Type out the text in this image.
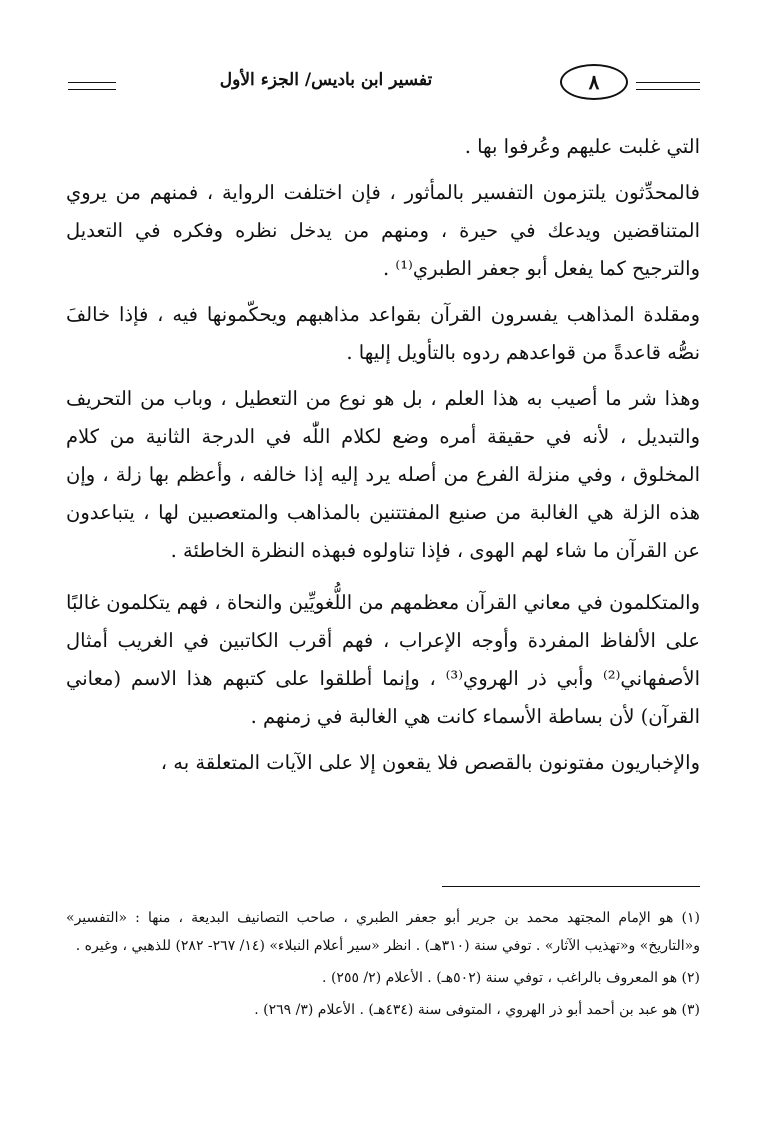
٨
تفسير ابن باديس/ الجزء الأول

التي غلبت عليهم وعُرفوا بها .

فالمحدِّثون يلتزمون التفسير بالمأثور ، فإن اختلفت الرواية ، فمنهم من يروي المتناقضين ويدعك في حيرة ، ومنهم من يدخل نظره وفكره في التعديل والترجيح كما يفعل أبو جعفر الطبري⁽¹⁾ .

ومقلدة المذاهب يفسرون القرآن بقواعد مذاهبهم ويحكّمونها فيه ، فإذا خالفَ نصُّه قاعدةً من قواعدهم ردوه بالتأويل إليها .

وهذا شر ما أصيب به هذا العلم ، بل هو نوع من التعطيل ، وباب من التحريف والتبديل ، لأنه في حقيقة أمره وضع لكلام اللّٰه في الدرجة الثانية من كلام المخلوق ، وفي منزلة الفرع من أصله يرد إليه إذا خالفه ، وأعظم بها زلة ، وإن هذه الزلة هي الغالبة من صنيع المفتتنين بالمذاهب والمتعصبين لها ، يتباعدون عن القرآن ما شاء لهم الهوى ، فإذا تناولوه فبهذه النظرة الخاطئة .

والمتكلمون في معاني القرآن معظمهم من اللُّغويِّين والنحاة ، فهم يتكلمون غالبًا على الألفاظ المفردة وأوجه الإعراب ، فهم أقرب الكاتبين في الغريب أمثال الأصفهاني⁽²⁾ وأبي ذر الهروي⁽³⁾ ، وإنما أطلقوا على كتبهم هذا الاسم (معاني القرآن) لأن بساطة الأسماء كانت هي الغالبة في زمنهم .

والإخباريون مفتونون بالقصص فلا يقعون إلا على الآيات المتعلقة به ،

(١) هو الإمام المجتهد محمد بن جرير أبو جعفر الطبري ، صاحب التصانيف البديعة ، منها : «التفسير» و«التاريخ» و«تهذيب الآثار» . توفي سنة (٣١٠هـ) . انظر «سير أعلام النبلاء» (١٤/ ٢٦٧- ٢٨٢) للذهبي ، وغيره .

(٢) هو المعروف بالراغب ، توفي سنة (٥٠٢هـ) . الأعلام (٢/ ٢٥٥) .

(٣) هو عبد بن أحمد أبو ذر الهروي ، المتوفى سنة (٤٣٤هـ) . الأعلام (٣/ ٢٦٩) .
